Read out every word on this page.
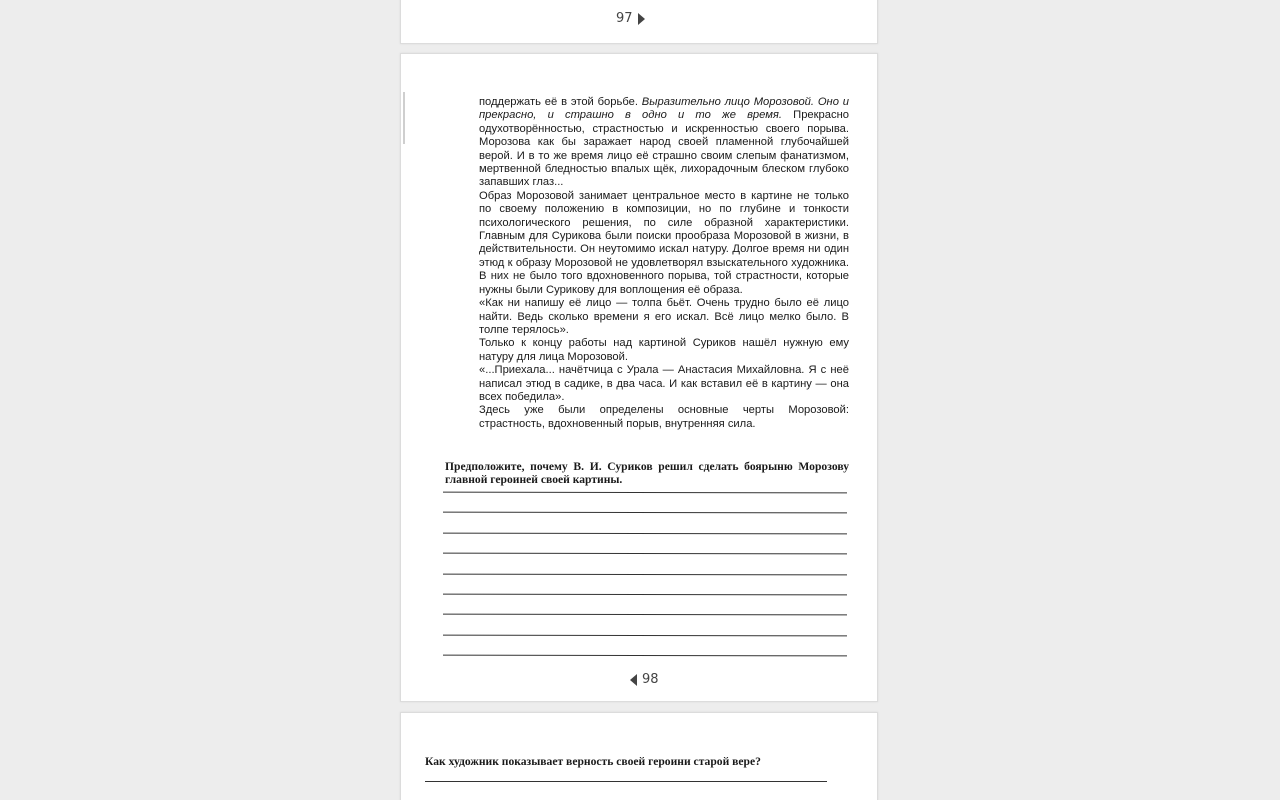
97

поддержать её в этой борьбе. Выразительно лицо Морозовой. Оно и прекрасно, и страшно в одно и то же время. Прекрасно одухотворённостью, страстностью и искренностью своего порыва. Морозова как бы заражает народ своей пламенной глубочайшей верой. И в то же время лицо её страшно своим слепым фанатизмом, мертвенной бледностью впалых щёк, лихорадочным блеском глубоко запавших глаз...

Образ Морозовой занимает центральное место в картине не только по своему положению в композиции, но по глубине и тонкости психологического решения, по силе образной характеристики. Главным для Сурикова были поиски прообраза Морозовой в жизни, в действительности. Он неутомимо искал натуру. Долгое время ни один этюд к образу Морозовой не удовлетворял взыскательного художника. В них не было того вдохновенного порыва, той страстности, которые нужны были Сурикову для воплощения её образа.

«Как ни напишу её лицо — толпа бьёт. Очень трудно было её лицо найти. Ведь сколько времени я его искал. Всё лицо мелко было. В толпе терялось».

Только к концу работы над картиной Суриков нашёл нужную ему натуру для лица Морозовой.

«...Приехала... начётчица с Урала — Анастасия Михайловна. Я с неё написал этюд в садике, в два часа. И как вставил её в картину — она всех победила».

Здесь уже были определены основные черты Морозовой: страстность, вдохновенный порыв, внутренняя сила.

Предположите, почему В. И. Суриков решил сделать боярыню Морозову главной героиней своей картины.
98
Как художник показывает верность своей героини старой вере?
